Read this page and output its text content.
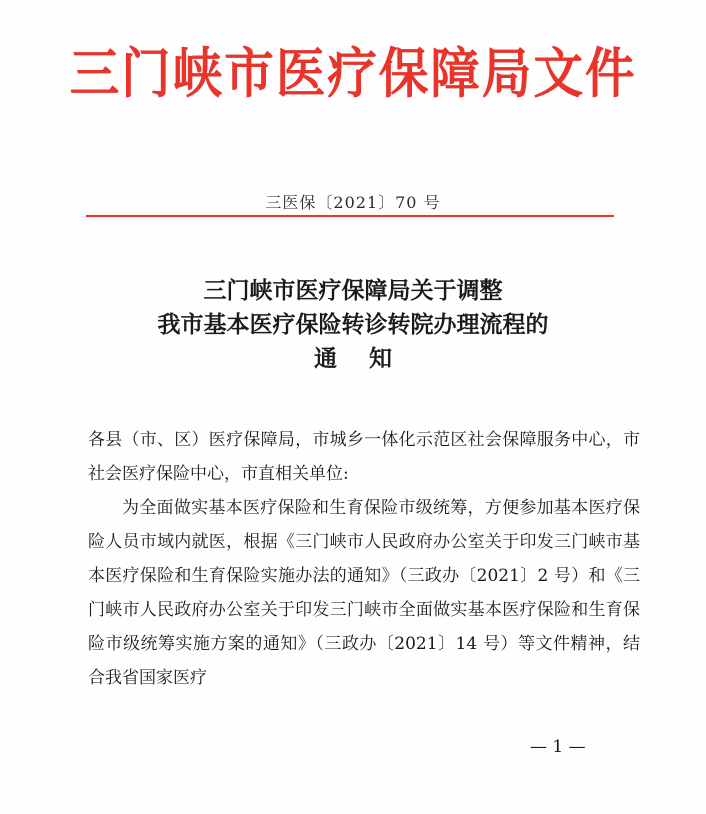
三门峡市医疗保障局文件
三医保〔2021〕70 号
三门峡市医疗保障局关于调整
我市基本医疗保险转诊转院办理流程的
通知

各县（市、区）医疗保障局，市城乡一体化示范区社会保障服务中心，市社会医疗保险中心，市直相关单位:

为全面做实基本医疗保险和生育保险市级统筹，方便参加基本医疗保险人员市域内就医，根据《三门峡市人民政府办公室关于印发三门峡市基本医疗保险和生育保险实施办法的通知》（三政办〔2021〕2 号）和《三门峡市人民政府办公室关于印发三门峡市全面做实基本医疗保险和生育保险市级统筹实施方案的通知》（三政办〔2021〕14 号）等文件精神，结合我省国家医疗

— 1 —
